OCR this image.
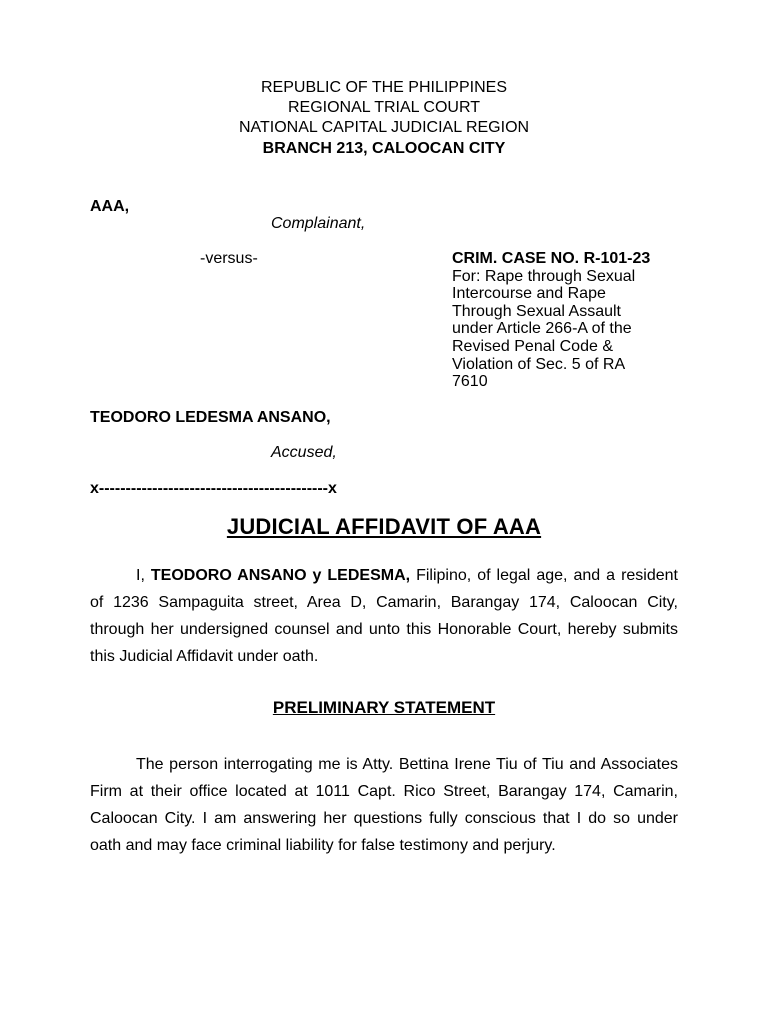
REPUBLIC OF THE PHILIPPINES
REGIONAL TRIAL COURT
NATIONAL CAPITAL JUDICIAL REGION
BRANCH 213, CALOOCAN CITY
AAA,
Complainant,
-versus-	CRIM. CASE NO. R-101-23
For: Rape through Sexual
Intercourse and Rape
Through Sexual Assault
under Article 266-A of the
Revised Penal Code &
Violation of Sec. 5 of RA
7610
TEODORO LEDESMA ANSANO,
Accused,
x-------------------------------------------x
JUDICIAL AFFIDAVIT OF AAA
I, TEODORO ANSANO y LEDESMA, Filipino, of legal age, and a resident of 1236 Sampaguita street, Area D, Camarin, Barangay 174, Caloocan City, through her undersigned counsel and unto this Honorable Court, hereby submits this Judicial Affidavit under oath.
PRELIMINARY STATEMENT
The person interrogating me is Atty. Bettina Irene Tiu of Tiu and Associates Firm at their office located at 1011 Capt. Rico Street, Barangay 174, Camarin, Caloocan City. I am answering her questions fully conscious that I do so under oath and may face criminal liability for false testimony and perjury.
